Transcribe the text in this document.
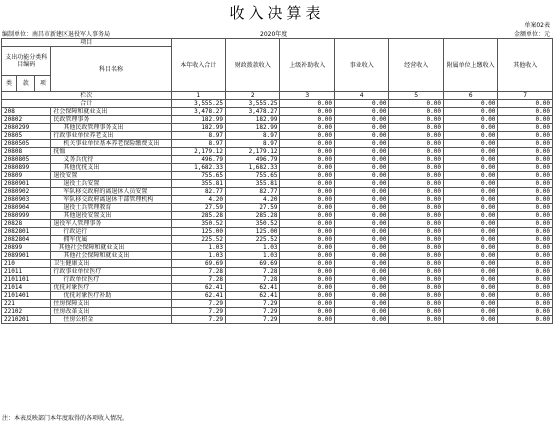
收入决算表
单案02表
编制单位：南昌市新建区退役军人事务局	2020年度	金额单位：元
项目				本年收入合计	财政拨款收入	上级补助收入	事业收入	经营收入	附属单位上缴收入	其他收入
支出功能分类科目编码			科目名称							
类	款	项								
栏次				1	2	3	4	5	6	7
合计				3,555.25	3,555.25	0.00	0.00	0.00	0.00	0.00
208			社会保障和就业支出	3,478.27	3,478.27	0.00	0.00	0.00	0.00	0.00
20802			民政管理事务	182.99	182.99	0.00	0.00	0.00	0.00	0.00
2080299			其他民政管理事务支出	182.99	182.99	0.00	0.00	0.00	0.00	0.00
20805			行政事业单位养老支出	8.97	8.97	0.00	0.00	0.00	0.00	0.00
2080505			机关事业单位基本养老保险缴费支出	8.97	8.97	0.00	0.00	0.00	0.00	0.00
20808			抚恤	2,179.12	2,179.12	0.00	0.00	0.00	0.00	0.00
2080805			义务兵优待	496.79	496.79	0.00	0.00	0.00	0.00	0.00
2080899			其他优抚支出	1,682.33	1,682.33	0.00	0.00	0.00	0.00	0.00
20809			退役安置	755.65	755.65	0.00	0.00	0.00	0.00	0.00
2080901			退役士兵安置	355.81	355.81	0.00	0.00	0.00	0.00	0.00
2080902			军队移交政府的离退休人员安置	82.77	82.77	0.00	0.00	0.00	0.00	0.00
2080903			军队移交政府离退休干部管理机构	4.20	4.20	0.00	0.00	0.00	0.00	0.00
2080904			退役士兵管理教育	27.59	27.59	0.00	0.00	0.00	0.00	0.00
2080999			其他退役安置支出	285.28	285.28	0.00	0.00	0.00	0.00	0.00
20828			退役军人管理事务	350.52	350.52	0.00	0.00	0.00	0.00	0.00
2082801			行政运行	125.00	125.00	0.00	0.00	0.00	0.00	0.00
2082804			拥军优属	225.52	225.52	0.00	0.00	0.00	0.00	0.00
20899			其他社会保障和就业支出	1.03	1.03	0.00	0.00	0.00	0.00	0.00
2089901			其他社会保障和就业支出	1.03	1.03	0.00	0.00	0.00	0.00	0.00
210			卫生健康支出	69.69	69.69	0.00	0.00	0.00	0.00	0.00
21011			行政事业单位医疗	7.28	7.28	0.00	0.00	0.00	0.00	0.00
2101101			行政单位医疗	7.28	7.28	0.00	0.00	0.00	0.00	0.00
21014			优抚对象医疗	62.41	62.41	0.00	0.00	0.00	0.00	0.00
2101401			优抚对象医疗补助	62.41	62.41	0.00	0.00	0.00	0.00	0.00
221			住房保障支出	7.29	7.29	0.00	0.00	0.00	0.00	0.00
22102			住房改革支出	7.29	7.29	0.00	0.00	0.00	0.00	0.00
2210201			住房公积金	7.29	7.29	0.00	0.00	0.00	0.00	0.00
注：本表反映部门本年度取得的各项收入情况。
